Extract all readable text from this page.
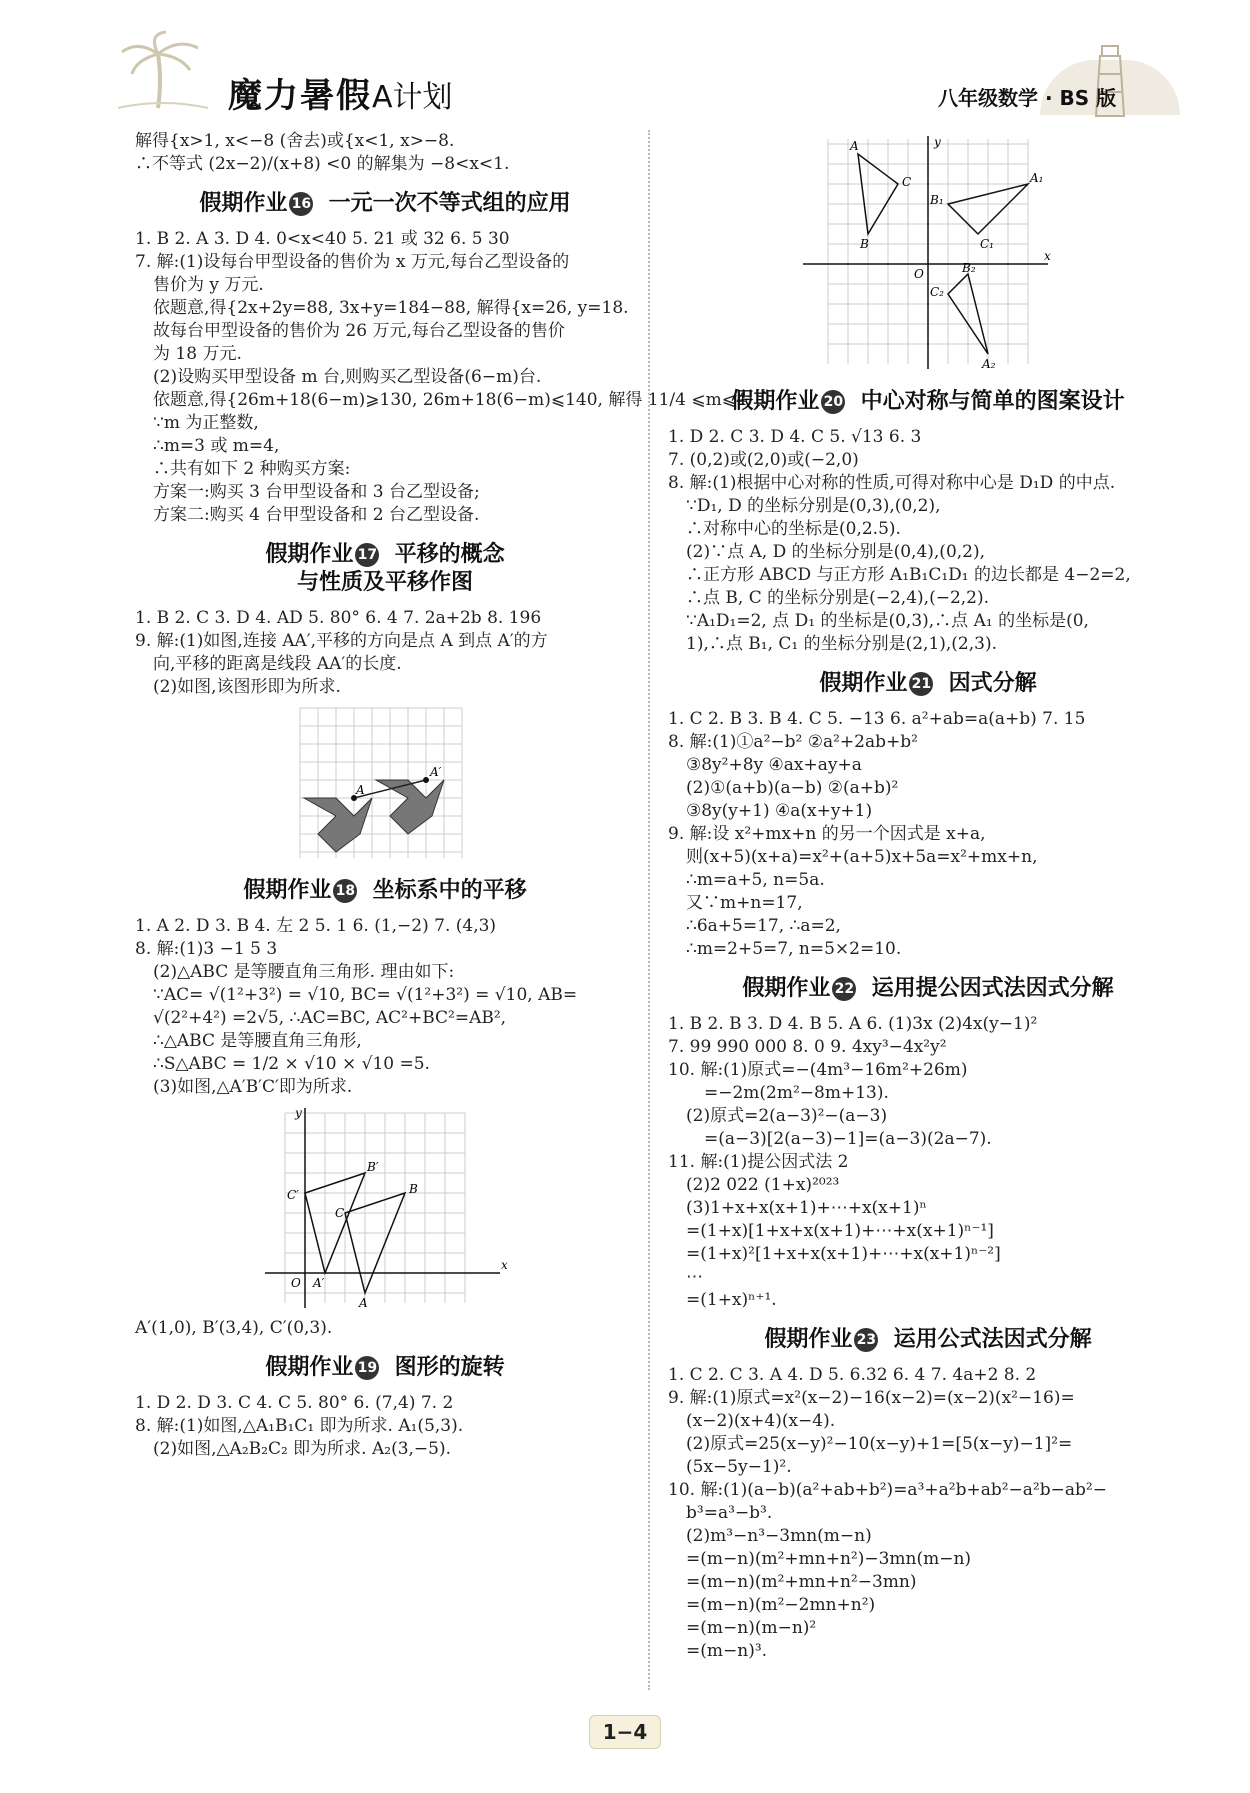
魔力暑假A计划	八年级数学 · BS 版
解得{x>1, x<−8 (舍去)或{x<1, x>−8.
∴不等式 (2x−2)/(x+8) <0 的解集为 −8<x<1.
假期作业 16 一元一次不等式组的应用
1. B 2. A 3. D 4. 0<x<40 5. 21 或 32 6. 5 30
7. 解:(1)设每台甲型设备的售价为 x 万元,每台乙型设备的
售价为 y 万元.
依题意,得{2x+2y=88, 3x+y=184−88, 解得{x=26, y=18.
故每台甲型设备的售价为 26 万元,每台乙型设备的售价
为 18 万元.
(2)设购买甲型设备 m 台,则购买乙型设备(6−m)台.
依题意,得{26m+18(6−m)⩾130, 26m+18(6−m)⩽140, 解得 11/4 ⩽m⩽4.
∵m 为正整数,
∴m=3 或 m=4,
∴共有如下 2 种购买方案:
方案一:购买 3 台甲型设备和 3 台乙型设备;
方案二:购买 4 台甲型设备和 2 台乙型设备.
假期作业 17 平移的概念
与性质及平移作图
1. B 2. C 3. D 4. AD 5. 80° 6. 4 7. 2a+2b 8. 196
9. 解:(1)如图,连接 AA′,平移的方向是点 A 到点 A′的方
向,平移的距离是线段 AA′的长度.
(2)如图,该图形即为所求.
A
A′
假期作业 18 坐标系中的平移
1. A 2. D 3. B 4. 左 2 5. 1 6. (1,−2) 7. (4,3)
8. 解:(1)3 −1 5 3
(2)△ABC 是等腰直角三角形. 理由如下:
∵AC= √(1²+3²) = √10, BC= √(1²+3²) = √10, AB=
√(2²+4²) =2√5, ∴AC=BC, AC²+BC²=AB²,
∴△ABC 是等腰直角三角形,
∴S△ABC = 1/2 × √10 × √10 =5.
(3)如图,△A′B′C′即为所求.
y
x
O
A
B
C
A′
B′
C′
A′(1,0), B′(3,4), C′(0,3).
假期作业 19 图形的旋转
1. D 2. D 3. C 4. C 5. 80° 6. (7,4) 7. 2
8. 解:(1)如图,△A₁B₁C₁ 即为所求. A₁(5,3).
(2)如图,△A₂B₂C₂ 即为所求. A₂(3,−5).
y
x
O
A
B
C	A₁
B₁
C₁
A₂
B₂
C₂
假期作业 20 中心对称与简单的图案设计
1. D 2. C 3. D 4. C 5. √13 6. 3
7. (0,2)或(2,0)或(−2,0)
8. 解:(1)根据中心对称的性质,可得对称中心是 D₁D 的中点.
∵D₁, D 的坐标分别是(0,3),(0,2),
∴对称中心的坐标是(0,2.5).
(2)∵点 A, D 的坐标分别是(0,4),(0,2),
∴正方形 ABCD 与正方形 A₁B₁C₁D₁ 的边长都是 4−2=2,
∴点 B, C 的坐标分别是(−2,4),(−2,2).
∵A₁D₁=2, 点 D₁ 的坐标是(0,3),∴点 A₁ 的坐标是(0,
1),∴点 B₁, C₁ 的坐标分别是(2,1),(2,3).
假期作业 21 因式分解
1. C 2. B 3. B 4. C 5. −13 6. a²+ab=a(a+b) 7. 15
8. 解:(1)①a²−b² ②a²+2ab+b²
③8y²+8y ④ax+ay+a
(2)①(a+b)(a−b) ②(a+b)²
③8y(y+1) ④a(x+y+1)
9. 解:设 x²+mx+n 的另一个因式是 x+a,
则(x+5)(x+a)=x²+(a+5)x+5a=x²+mx+n,
∴m=a+5, n=5a.
又∵m+n=17,
∴6a+5=17, ∴a=2,
∴m=2+5=7, n=5×2=10.
假期作业 22 运用提公因式法因式分解
1. B 2. B 3. D 4. B 5. A 6. (1)3x (2)4x(y−1)²
7. 99 990 000 8. 0 9. 4xy³−4x²y²
10. 解:(1)原式=−(4m³−16m²+26m)
=−2m(2m²−8m+13).
(2)原式=2(a−3)²−(a−3)
=(a−3)[2(a−3)−1]=(a−3)(2a−7).
11. 解:(1)提公因式法 2
(2)2 022 (1+x)²⁰²³
(3)1+x+x(x+1)+⋯+x(x+1)ⁿ
=(1+x)[1+x+x(x+1)+⋯+x(x+1)ⁿ⁻¹]
=(1+x)²[1+x+x(x+1)+⋯+x(x+1)ⁿ⁻²]
⋯
=(1+x)ⁿ⁺¹.
假期作业 23 运用公式法因式分解
1. C 2. C 3. A 4. D 5. 6.32 6. 4 7. 4a+2 8. 2
9. 解:(1)原式=x²(x−2)−16(x−2)=(x−2)(x²−16)=
(x−2)(x+4)(x−4).
(2)原式=25(x−y)²−10(x−y)+1=[5(x−y)−1]²=
(5x−5y−1)².
10. 解:(1)(a−b)(a²+ab+b²)=a³+a²b+ab²−a²b−ab²−
b³=a³−b³.
(2)m³−n³−3mn(m−n)
=(m−n)(m²+mn+n²)−3mn(m−n)
=(m−n)(m²+mn+n²−3mn)
=(m−n)(m²−2mn+n²)
=(m−n)(m−n)²
=(m−n)³.
1−4
